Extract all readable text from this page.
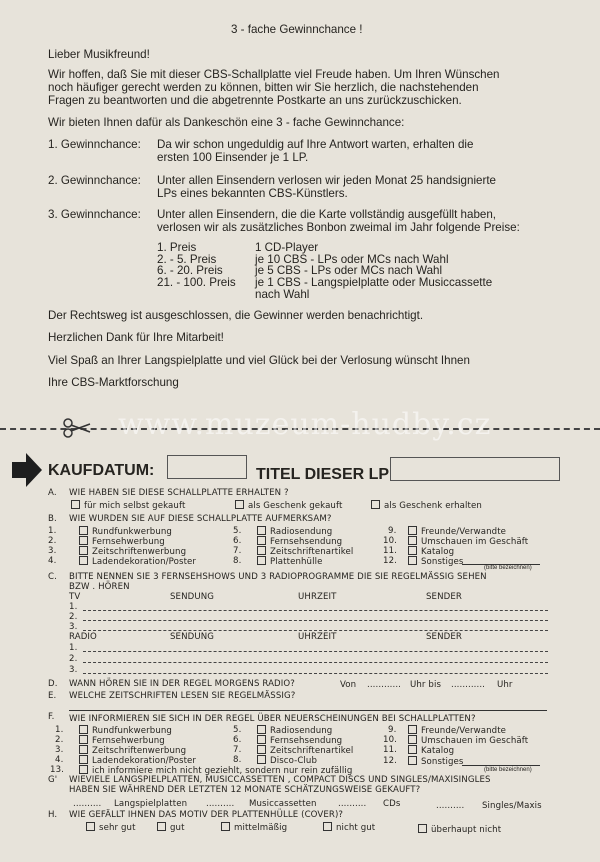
3 - fache Gewinnchance !
Lieber Musikfreund!
Wir hoffen, daß Sie mit dieser CBS-Schallplatte viel Freude haben. Um Ihren Wünschen
noch häufiger gerecht werden zu können, bitten wir Sie herzlich, die nachstehenden
Fragen zu beantworten und die abgetrennte Postkarte an uns zurückzuschicken.
Wir bieten Ihnen dafür als Dankeschön eine 3 - fache Gewinnchance:
1. Gewinnchance: Da wir schon ungeduldig auf Ihre Antwort warten, erhalten die
ersten 100 Einsender je 1 LP.
2. Gewinnchance: Unter allen Einsendern verlosen wir jeden Monat 25 handsignierte
LPs eines bekannten CBS-Künstlers.
3. Gewinnchance: Unter allen Einsendern, die die Karte vollständig ausgefüllt haben,
verlosen wir als zusätzliches Bonbon zweimal im Jahr folgende Preise:
1. Preis	1 CD-Player
2. - 5. Preis	je 10 CBS - LPs oder MCs nach Wahl
6. - 20. Preis	je 5 CBS - LPs oder MCs nach Wahl
21. - 100. Preis je 1 CBS - Langspielplatte oder Musiccassette
nach Wahl
Der Rechtsweg ist ausgeschlossen, die Gewinner werden benachrichtigt.
Herzlichen Dank für Ihre Mitarbeit!
Viel Spaß an Ihrer Langspielplatte und viel Glück bei der Verlosung wünscht Ihnen
Ihre CBS-Marktforschung
www.muzeum-hudby.cz
KAUFDATUM:	TITEL DIESER LP
A. WIE HABEN SIE DIESE SCHALLPLATTE ERHALTEN ?
für mich selbst gekauft	als Geschenk gekauft	als Geschenk erhalten
B. WIE WURDEN SIE AUF DIESE SCHALLPLATTE AUFMERKSAM?
1.	Rundfunkwerbung
2.	Fernsehwerbung
3.	Zeitschriftenwerbung
4.	Ladendekoration/Poster
5.	Radiosendung
6.	Fernsehsendung
7.	Zeitschriftenartikel
8.	Plattenhülle
9.	Freunde/Verwandte
10.	Umschauen im Geschäft
11.	Katalog
12.	Sonstiges
(bitte bezeichnen)
C. BITTE NENNEN SIE 3 FERNSEHSHOWS UND 3 RADIOPROGRAMME DIE SIE REGELMÄSSIG SEHEN
BZW . HÖREN
TV	SENDUNG	UHRZEIT	SENDER
1.
2.
3.
RADIO	SENDUNG	UHRZEIT	SENDER
1.
2.
3.
D. WANN HÖREN SIE IN DER REGEL MORGENS RADIO?	Von ............ Uhr bis ............ Uhr
E. WELCHE ZEITSCHRIFTEN LESEN SIE REGELMÄSSIG?
F. WIE INFORMIEREN SIE SICH IN DER REGEL ÜBER NEUERSCHEINUNGEN BEI SCHALLPLATTEN?
1.	Rundfunkwerbung
2.	Fernsehwerbung
3.	Zeitschriftenwerbung
4.	Ladendekoration/Poster
5.	Radiosendung
6.	Fernsehsendung
7.	Zeitschriftenartikel
8.	Disco-Club
9.	Freunde/Verwandte
10.	Umschauen im Geschäft
11.	Katalog
12.	Sonstiges
(bitte bezeichnen)
13.	ich informiere mich nicht geziehlt, sondern nur rein zufällig
G' WIEVIELE LANGSPIELPLATTEN, MUSICCASSETTEN , COMPACT DISCS UND SINGLES/MAXISINGLES
HABEN SIE WÄHREND DER LETZTEN 12 MONATE SCHÄTZUNGSWEISE GEKAUFT?
.......... Langspielplatten .......... Musiccassetten .......... CDs	.......... Singles/Maxis
H. WIE GEFÄLLT IHNEN DAS MOTIV DER PLATTENHÜLLE (COVER)?
sehr gut	gut	mittelmäßig	nicht gut	überhaupt nicht
